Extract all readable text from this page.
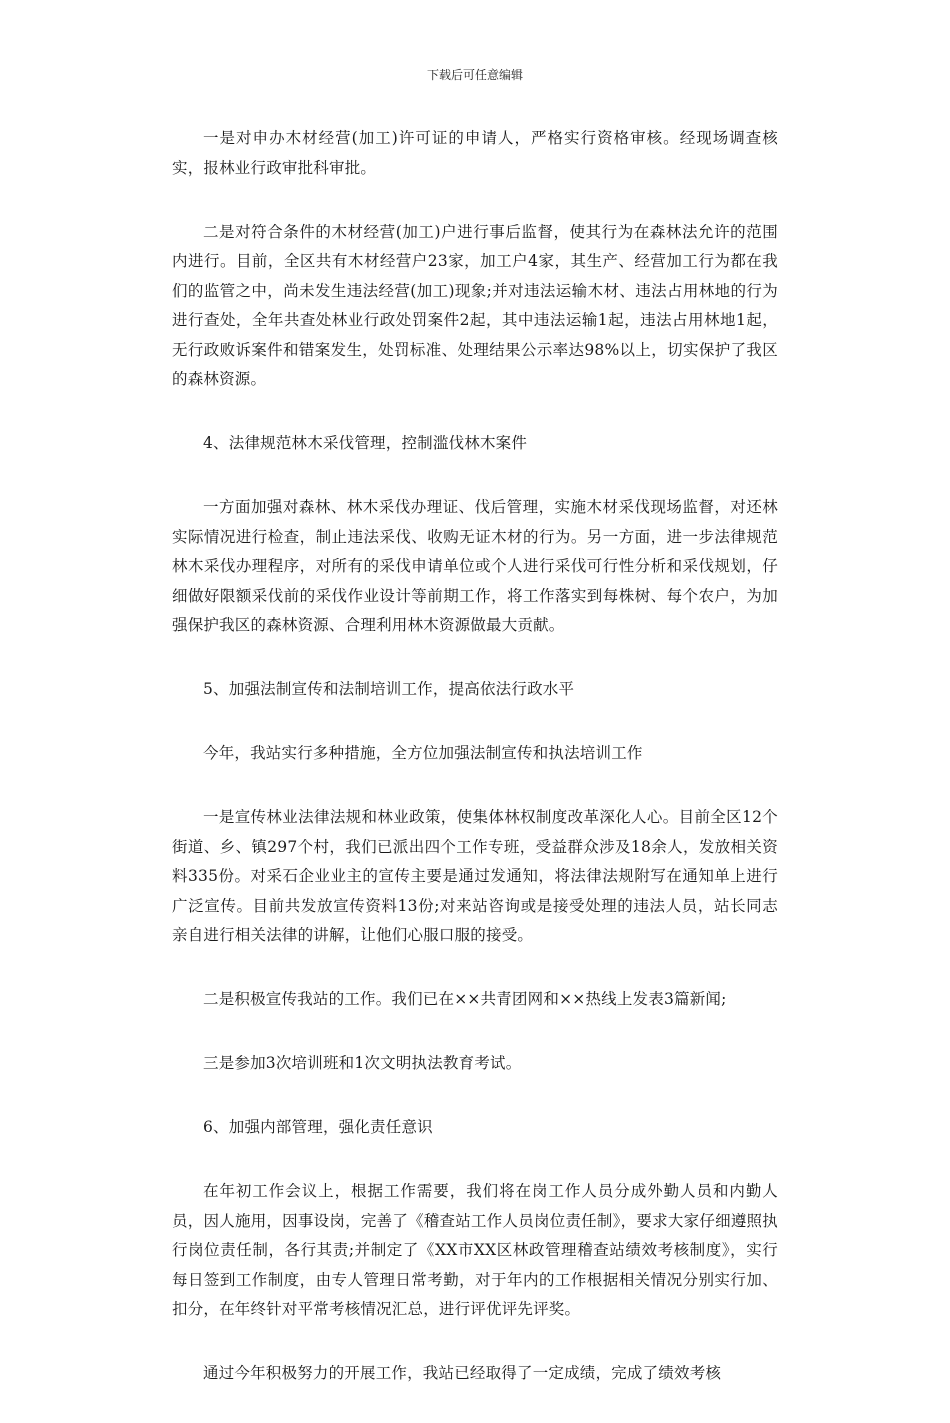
下载后可任意编辑

一是对申办木材经营(加工)许可证的申请人，严格实行资格审核。经现场调查核实，报林业行政审批科审批。

二是对符合条件的木材经营(加工)户进行事后监督，使其行为在森林法允许的范围内进行。目前，全区共有木材经营户23家，加工户4家，其生产、经营加工行为都在我们的监管之中，尚未发生违法经营(加工)现象;并对违法运输木材、违法占用林地的行为进行查处，全年共查处林业行政处罚案件2起，其中违法运输1起，违法占用林地1起，无行政败诉案件和错案发生，处罚标准、处理结果公示率达98%以上，切实保护了我区的森林资源。

4、法律规范林木采伐管理，控制滥伐林木案件

一方面加强对森林、林木采伐办理证、伐后管理，实施木材采伐现场监督，对还林实际情况进行检查，制止违法采伐、收购无证木材的行为。另一方面，进一步法律规范林木采伐办理程序，对所有的采伐申请单位或个人进行采伐可行性分析和采伐规划，仔细做好限额采伐前的采伐作业设计等前期工作，将工作落实到每株树、每个农户，为加强保护我区的森林资源、合理利用林木资源做最大贡献。

5、加强法制宣传和法制培训工作，提高依法行政水平

今年，我站实行多种措施，全方位加强法制宣传和执法培训工作

一是宣传林业法律法规和林业政策，使集体林权制度改革深化人心。目前全区12个街道、乡、镇297个村，我们已派出四个工作专班，受益群众涉及18余人，发放相关资料335份。对采石企业业主的宣传主要是通过发通知，将法律法规附写在通知单上进行广泛宣传。目前共发放宣传资料13份;对来站咨询或是接受处理的违法人员，站长同志亲自进行相关法律的讲解，让他们心服口服的接受。

二是积极宣传我站的工作。我们已在××共青团网和××热线上发表3篇新闻;

三是参加3次培训班和1次文明执法教育考试。

6、加强内部管理，强化责任意识

在年初工作会议上，根据工作需要，我们将在岗工作人员分成外勤人员和内勤人员，因人施用，因事设岗，完善了《稽查站工作人员岗位责任制》，要求大家仔细遵照执行岗位责任制，各行其责;并制定了《XX市XX区林政管理稽查站绩效考核制度》，实行每日签到工作制度，由专人管理日常考勤，对于年内的工作根据相关情况分别实行加、扣分，在年终针对平常考核情况汇总，进行评优评先评奖。

通过今年积极努力的开展工作，我站已经取得了一定成绩，完成了绩效考核
